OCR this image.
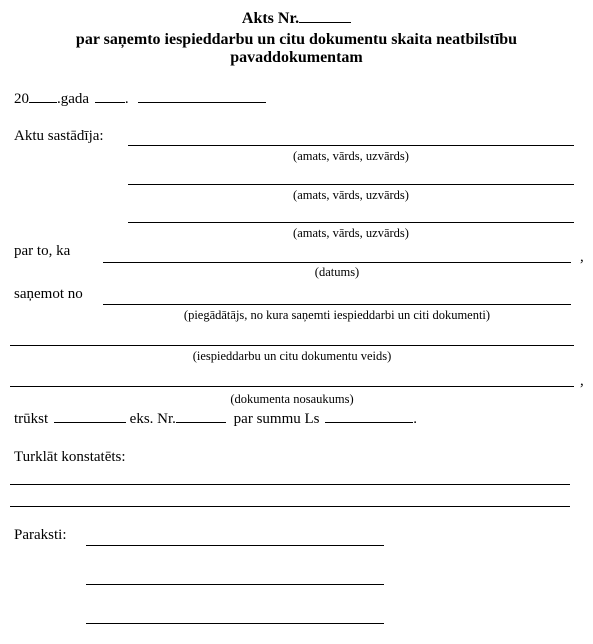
Akts Nr.
par saņemto iespieddarbu un citu dokumentu skaita neatbilstību
pavaddokumentam
20 .gada .
Aktu sastādīja:
(amats, vārds, uzvārds)
(amats, vārds, uzvārds)
(amats, vārds, uzvārds)
par to, ka	,
(datums)
saņemot no
(piegādātājs, no kura saņemti iespieddarbi un citi dokumenti)
(iespieddarbu un citu dokumentu veids)
,
(dokumenta nosaukums)
trūkst	eks. Nr.	par summu Ls	.
Turklāt konstatēts:
Paraksti:
